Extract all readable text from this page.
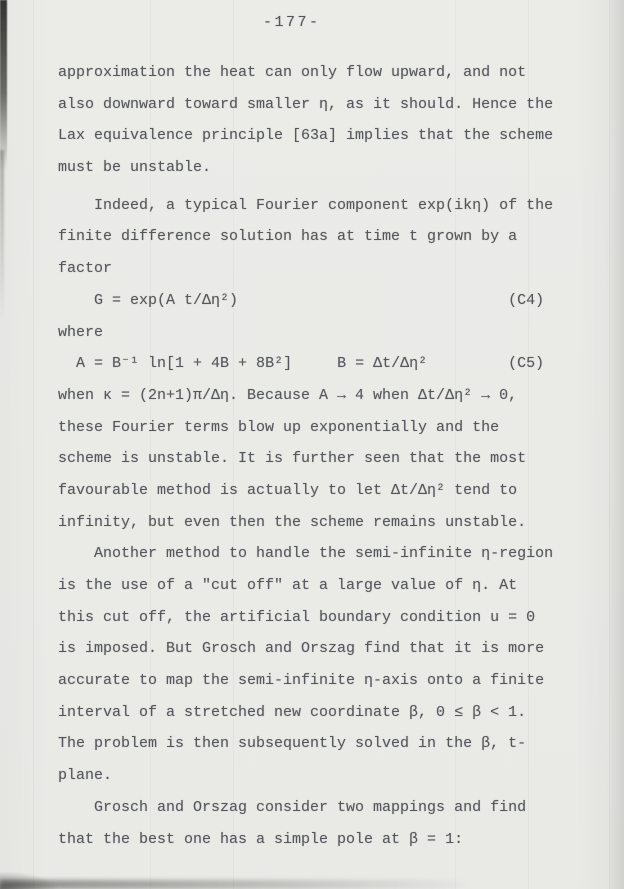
-177-
approximation the heat can only flow upward, and not
also downward toward smaller η, as it should. Hence the
Lax equivalence principle [63a] implies that the scheme
must be unstable.
Indeed, a typical Fourier component exp(ikη) of the
finite difference solution has at time t grown by a
factor
G = exp(A t/Δη²)                              (C4)
where
A = B⁻¹ ln[1 + 4B + 8B²]     B = Δt/Δη²         (C5)
when κ = (2n+1)π/Δη. Because A → 4 when Δt/Δη² → 0,
these Fourier terms blow up exponentially and the
scheme is unstable. It is further seen that the most
favourable method is actually to let Δt/Δη² tend to
infinity, but even then the scheme remains unstable.
Another method to handle the semi-infinite η-region
is the use of a "cut off" at a large value of η. At
this cut off, the artificial boundary condition u = 0
is imposed. But Grosch and Orszag find that it is more
accurate to map the semi-infinite η-axis onto a finite
interval of a stretched new coordinate β, 0 ≤ β < 1.
The problem is then subsequently solved in the β, t-
plane.
Grosch and Orszag consider two mappings and find
that the best one has a simple pole at β = 1:
